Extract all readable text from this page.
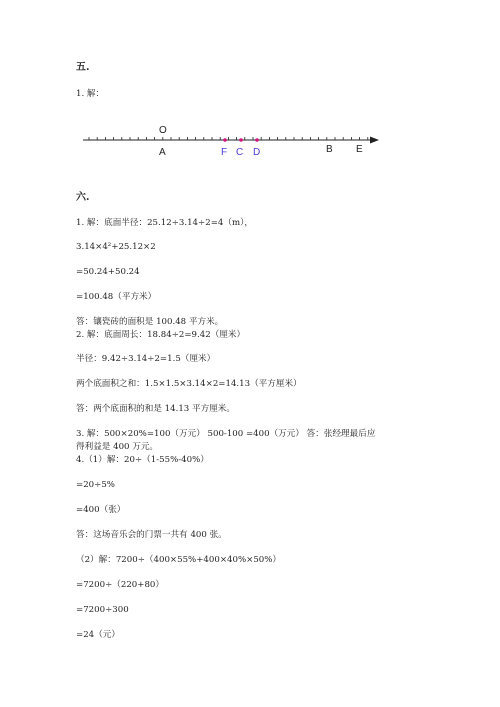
五.
1. 解：
O
A	F C D	B E
六.
1. 解：底面半径：25.12÷3.14÷2=4（m），
3.14×4²+25.12×2
=50.24+50.24
=100.48（平方米）
答：镶瓷砖的面积是 100.48 平方米。
2. 解：底面周长：18.84÷2=9.42（厘米）
半径：9.42÷3.14÷2=1.5（厘米）
两个底面积之和：1.5×1.5×3.14×2=14.13（平方厘米）
答：两个底面积的和是 14.13 平方厘米。
3. 解：500×20%=100（万元） 500-100 =400（万元） 答：张经理最后应
得利益是 400 万元。
4.（1）解：20÷（1-55%-40%）
=20÷5%
=400（张）
答：这场音乐会的门票一共有 400 张。
（2）解：7200÷（400×55%+400×40%×50%）
=7200÷（220+80）
=7200÷300
=24（元）
